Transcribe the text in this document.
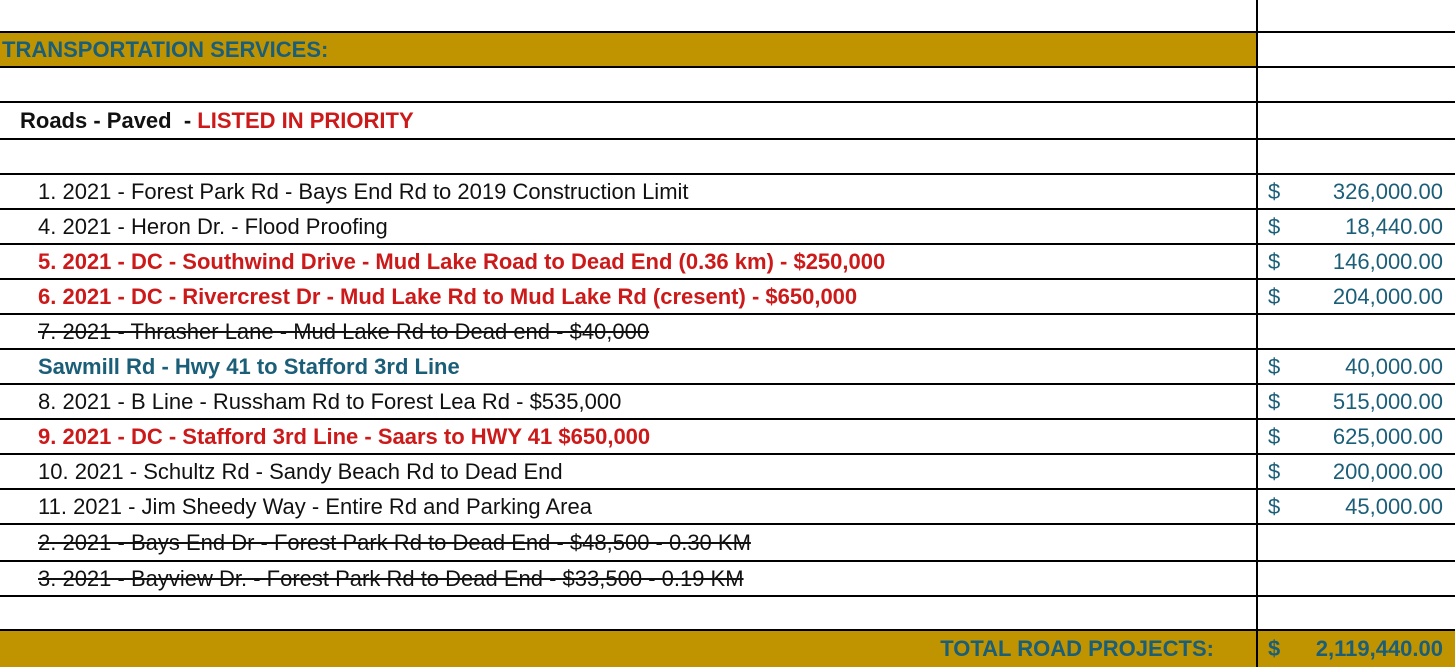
TRANSPORTATION SERVICES:
Roads - Paved  - LISTED IN PRIORITY
1. 2021 - Forest Park Rd - Bays End Rd to 2019 Construction Limit	$	326,000.00
4. 2021 - Heron Dr. - Flood Proofing	$	18,440.00
5. 2021 - DC - Southwind Drive - Mud Lake Road to Dead End (0.36 km) - $250,000	$	146,000.00
6. 2021 - DC - Rivercrest Dr - Mud Lake Rd to Mud Lake Rd (cresent) - $650,000	$	204,000.00
7. 2021 - Thrasher Lane - Mud Lake Rd to Dead end - $40,000
Sawmill Rd - Hwy 41 to Stafford 3rd Line	$	40,000.00
8. 2021 - B Line - Russham Rd to Forest Lea Rd - $535,000	$	515,000.00
9. 2021 - DC - Stafford 3rd Line - Saars to HWY 41 $650,000	$	625,000.00
10. 2021 - Schultz Rd - Sandy Beach Rd to Dead End	$	200,000.00
11. 2021 - Jim Sheedy Way - Entire Rd and Parking Area	$	45,000.00
2. 2021 - Bays End Dr - Forest Park Rd to Dead End - $48,500 - 0.30 KM
3. 2021 - Bayview Dr. - Forest Park Rd to Dead End - $33,500 - 0.19 KM
TOTAL ROAD PROJECTS:	$	2,119,440.00
